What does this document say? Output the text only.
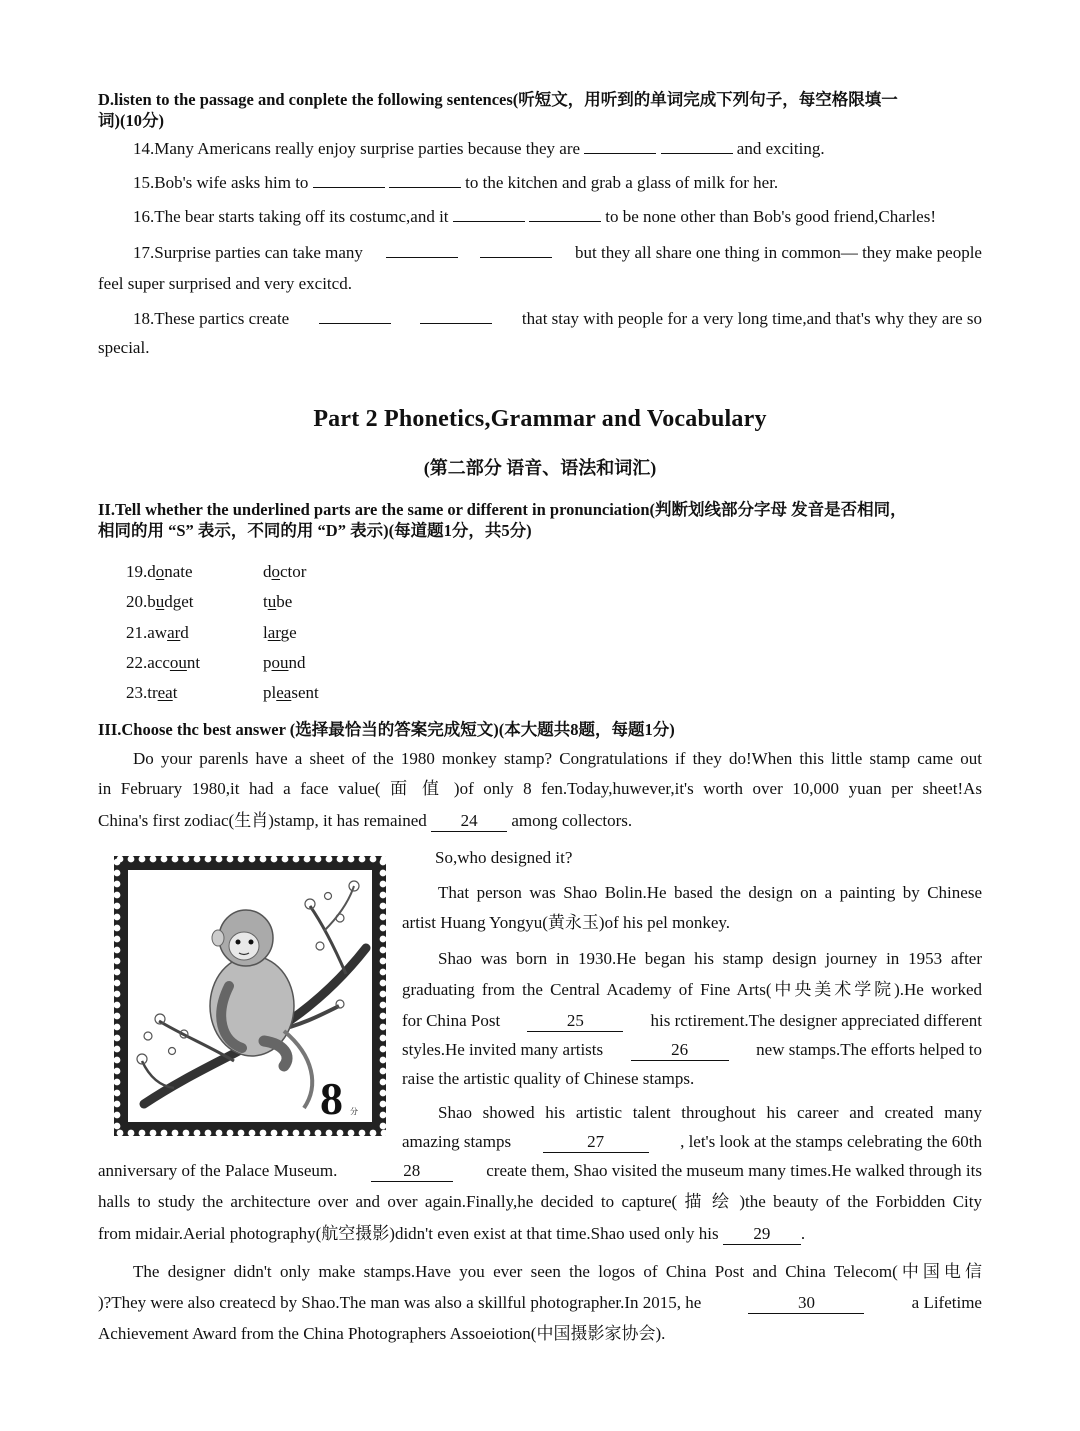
D.listen to the passage and conplete the following sentences(听短文，用听到的单词完成下列句子，每空格限填一
词)(10分)
14.Many Americans really enjoy surprise parties because they are	and exciting.
15.Bob's wife asks him to	to the kitchen and grab a glass of milk for her.
16.The bear starts taking off its costumc,and it	to be none other than Bob's good friend,Charles!
17.Surprise parties can take many	but they all share one thing in common— they make people
feel super surprised and very excitcd.
18.These partics create	that stay with people for a very long time,and that's why they are so
special.
Part 2 Phonetics,Grammar and Vocabulary
(第二部分 语音、语法和词汇)
II.Tell whether the underlined parts are the same or different in pronunciation(判断划线部分字母 发音是否相同，
相同的用 “S” 表示，不同的用 “D” 表示)(每道题1分，共5分)
19.donate	doctor
20.budget	tube
21.award	large
22.account	pound
23.treat	pleasent
III.Choose thc best answer (选择最恰当的答案完成短文)(本大题共8题，每题1分)
Do your parenls have a sheet of the 1980 monkey stamp? Congratulations if they do!When this little stamp came out
in February 1980,it had a face value( 面 值 )of only 8 fen.Today,huwever,it's worth over 10,000 yuan per sheet!As
China's first zodiac(生肖)stamp, it has remained 24 among collectors.
So,who designed it?
That person was Shao Bolin.He based the design on a painting by Chinese
artist Huang Yongyu(黄永玉)of his pel monkey.
Shao was born in 1930.He began his stamp design journey in 1953 after
graduating from the Central Academy of Fine Arts(中央美术学院).He worked
for China Post	25	his rctirement.The designer appreciated different
styles.He invited many artists	26	new stamps.The efforts helped to
raise the artistic quality of Chinese stamps.
Shao showed his artistic talent throughout his career and created many
amazing stamps	27	, let's look at the stamps celebrating the 60th
anniversary of the Palace Museum.	28	create them, Shao visited the museum many times.He walked through its
halls to study the architecture over and over again.Finally,he decided to capture( 描 绘 )the beauty of the Forbidden City
from midair.Aerial photography(航空摄影)didn't even exist at that time.Shao used only his 29 .
The designer didn't only make stamps.Have you ever seen the logos of China Post and China Telecom(中国电信
)?They were also createcd by Shao.The man was also a skillful photographer.In 2015, he	30	a Lifetime
Achievement Award from the China Photographers Assoeiotion(中国摄影家协会).
8 分
